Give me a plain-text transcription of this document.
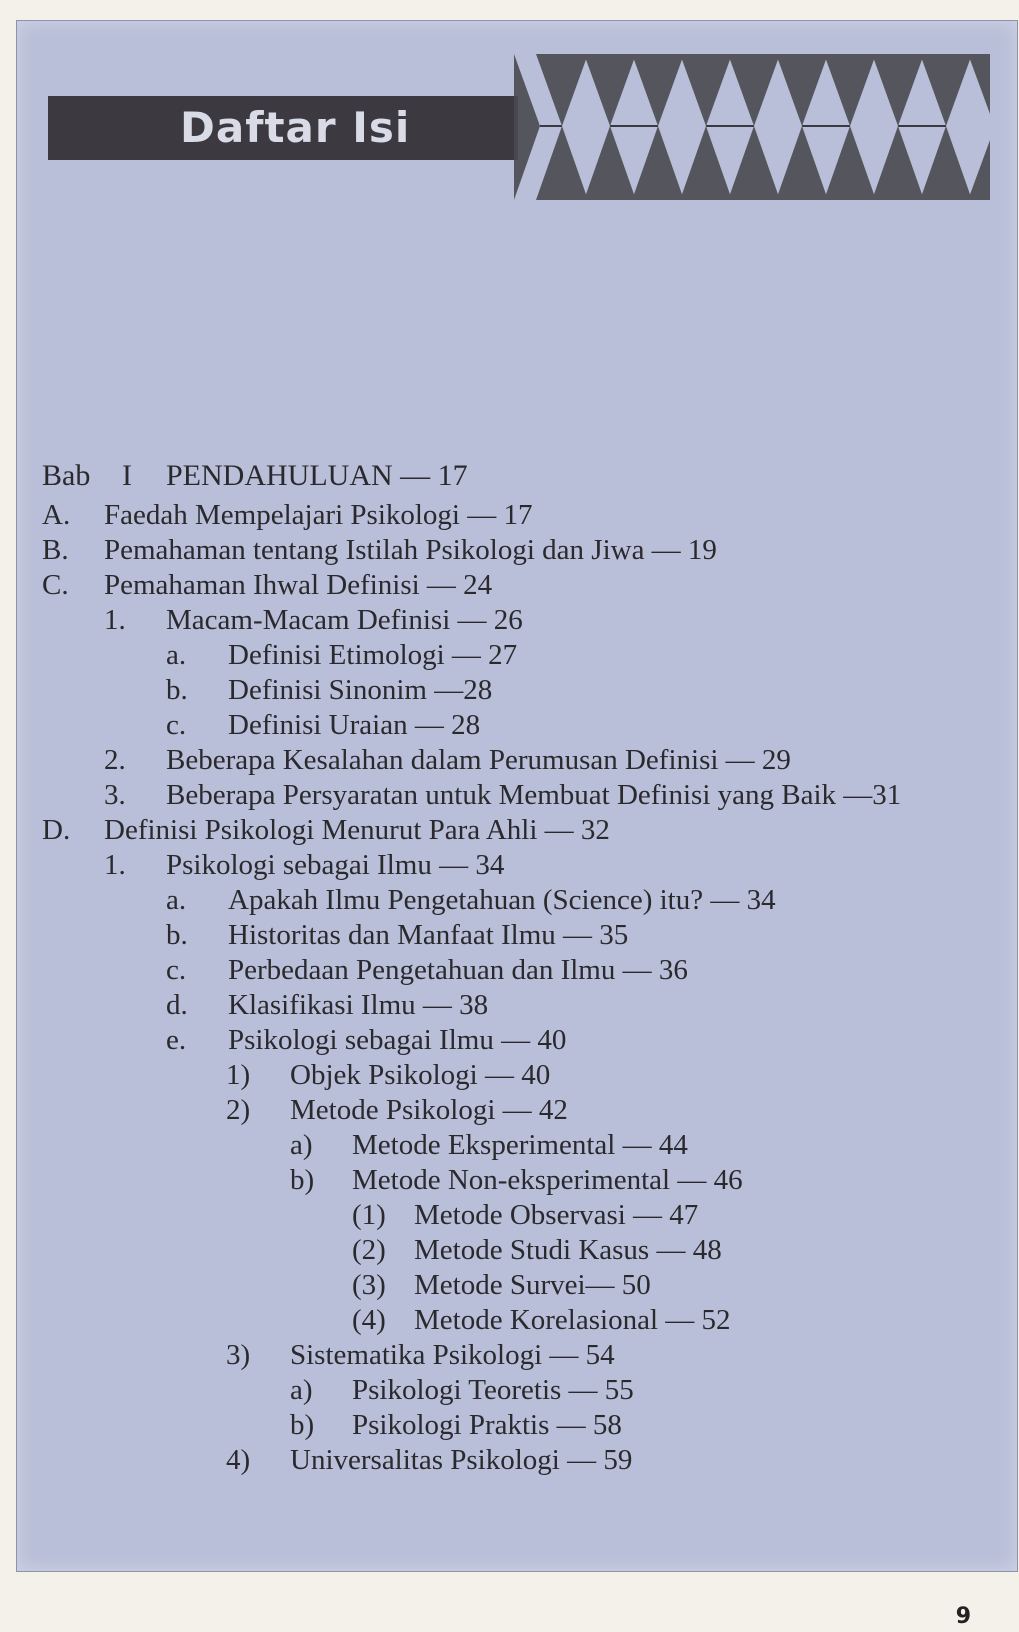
Daftar Isi
Bab I PENDAHULUAN — 17
A. Faedah Mempelajari Psikologi — 17
B. Pemahaman tentang Istilah Psikologi dan Jiwa — 19
C. Pemahaman Ihwal Definisi — 24
1. Macam-Macam Definisi — 26
a. Definisi Etimologi — 27
b. Definisi Sinonim —28
c. Definisi Uraian — 28
2. Beberapa Kesalahan dalam Perumusan Definisi — 29
3. Beberapa Persyaratan untuk Membuat Definisi yang Baik —31
D. Definisi Psikologi Menurut Para Ahli — 32
1. Psikologi sebagai Ilmu — 34
a. Apakah Ilmu Pengetahuan (Science) itu? — 34
b. Historitas dan Manfaat Ilmu — 35
c. Perbedaan Pengetahuan dan Ilmu — 36
d. Klasifikasi Ilmu — 38
e. Psikologi sebagai Ilmu — 40
1) Objek Psikologi — 40
2) Metode Psikologi — 42
a) Metode Eksperimental — 44
b) Metode Non-eksperimental — 46
(1) Metode Observasi — 47
(2) Metode Studi Kasus — 48
(3) Metode Survei— 50
(4) Metode Korelasional — 52
3) Sistematika Psikologi — 54
a) Psikologi Teoretis — 55
b) Psikologi Praktis — 58
4) Universalitas Psikologi — 59
9
